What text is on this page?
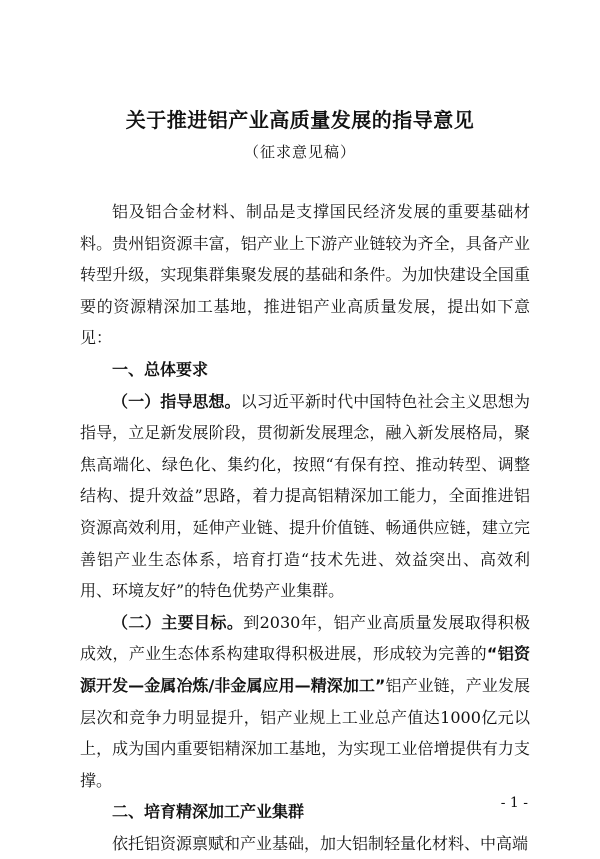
关于推进铝产业高质量发展的指导意见
（征求意见稿）

铝及铝合金材料、制品是支撑国民经济发展的重要基础材料。贵州铝资源丰富，铝产业上下游产业链较为齐全，具备产业转型升级，实现集群集聚发展的基础和条件。为加快建设全国重要的资源精深加工基地，推进铝产业高质量发展，提出如下意见：

一、总体要求

（一）指导思想。以习近平新时代中国特色社会主义思想为指导，立足新发展阶段，贯彻新发展理念，融入新发展格局，聚焦高端化、绿色化、集约化，按照“有保有控、推动转型、调整结构、提升效益”思路，着力提高铝精深加工能力，全面推进铝资源高效利用，延伸产业链、提升价值链、畅通供应链，建立完善铝产业生态体系，培育打造“技术先进、效益突出、高效利用、环境友好”的特色优势产业集群。

（二）主要目标。到2030年，铝产业高质量发展取得积极成效，产业生态体系构建取得积极进展，形成较为完善的“铝资源开发—金属冶炼/非金属应用—精深加工”铝产业链，产业发展层次和竞争力明显提升，铝产业规上工业总产值达1000亿元以上，成为国内重要铝精深加工基地，为实现工业倍增提供有力支撑。

二、培育精深加工产业集群

依托铝资源禀赋和产业基础，加大铝制轻量化材料、中高端

- 1 -
